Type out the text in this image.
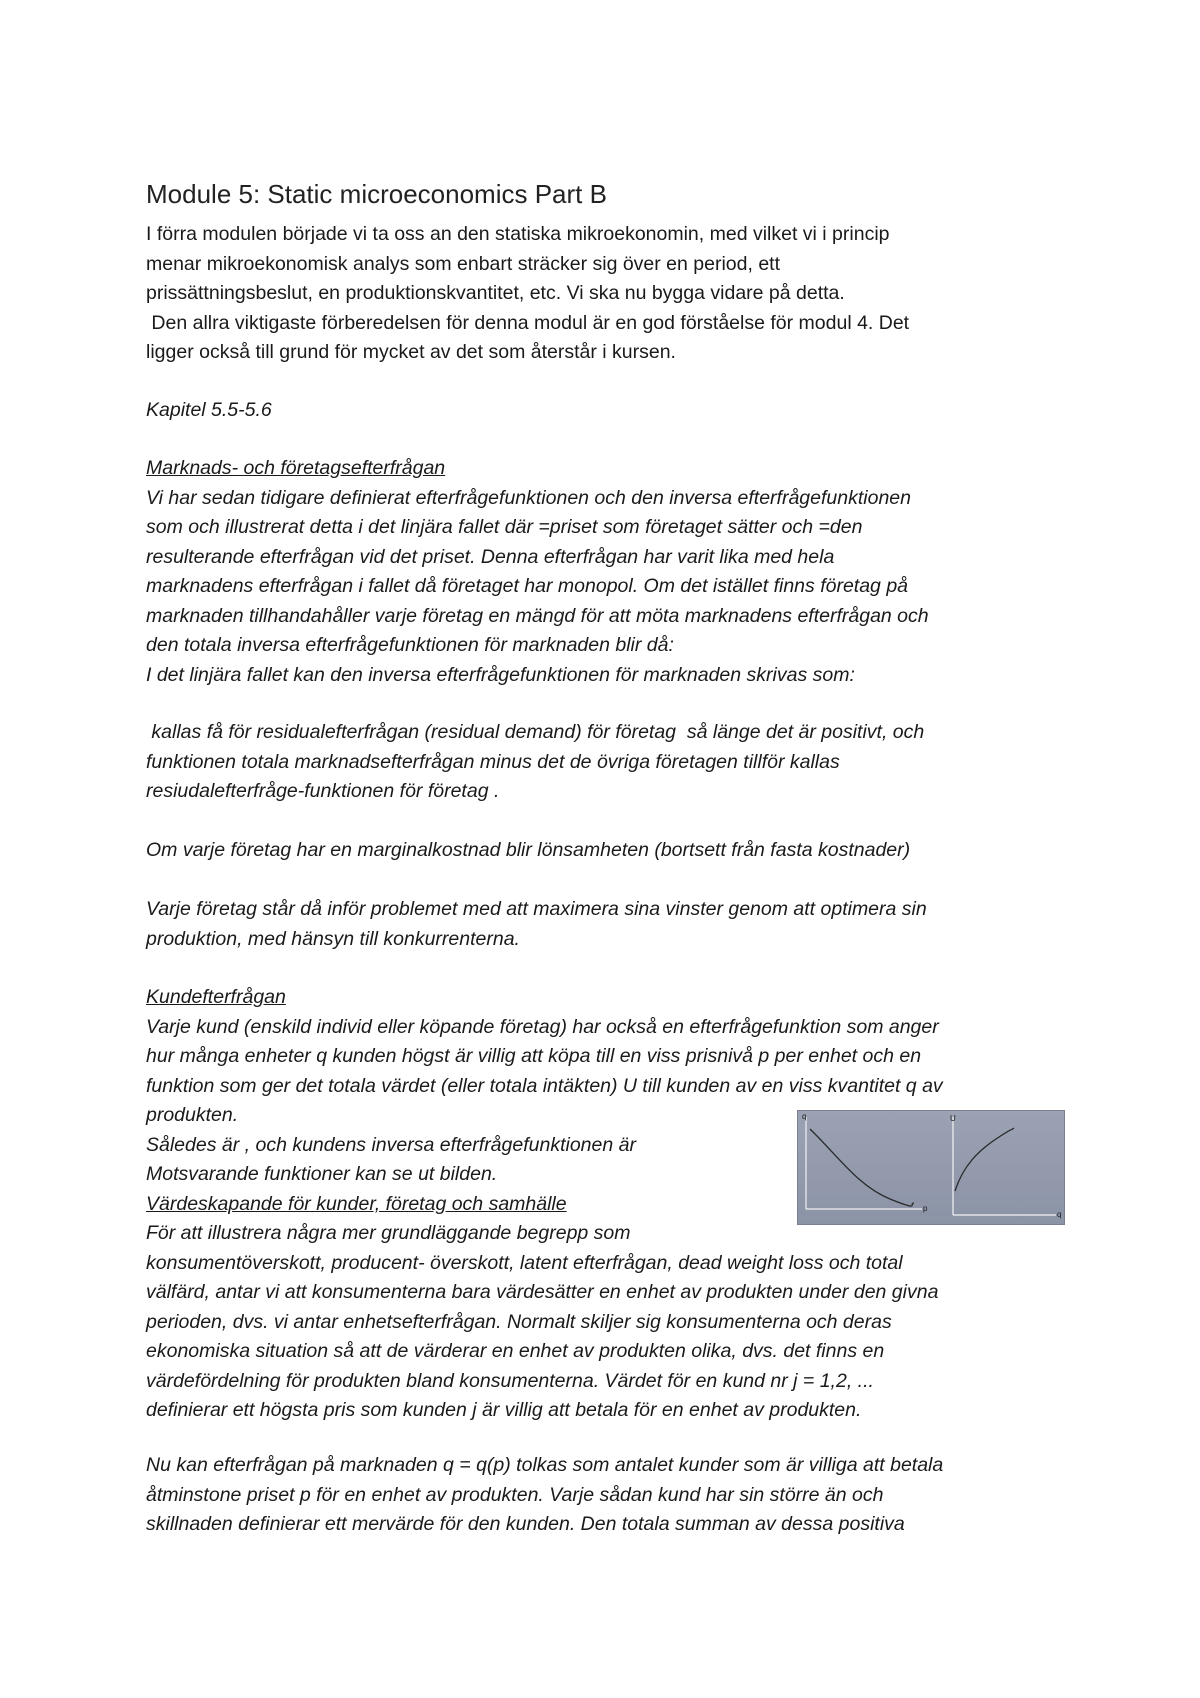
Module 5: Static microeconomics Part B

I förra modulen började vi ta oss an den statiska mikroekonomin, med vilket vi i princip
menar mikroekonomisk analys som enbart sträcker sig över en period, ett
prissättningsbeslut, en produktionskvantitet, etc. Vi ska nu bygga vidare på detta.
Den allra viktigaste förberedelsen för denna modul är en god förståelse för modul 4. Det
ligger också till grund för mycket av det som återstår i kursen.

Kapitel 5.5-5.6

Marknads- och företagsefterfrågan
Vi har sedan tidigare definierat efterfrågefunktionen och den inversa efterfrågefunktionen
som och illustrerat detta i det linjära fallet där =priset som företaget sätter och =den
resulterande efterfrågan vid det priset. Denna efterfrågan har varit lika med hela
marknadens efterfrågan i fallet då företaget har monopol. Om det istället finns företag på
marknaden tillhandahåller varje företag en mängd för att möta marknadens efterfrågan och
den totala inversa efterfrågefunktionen för marknaden blir då:
I det linjära fallet kan den inversa efterfrågefunktionen för marknaden skrivas som:

kallas få för residualefterfrågan (residual demand) för företag  så länge det är positivt, och
funktionen totala marknadsefterfrågan minus det de övriga företagen tillför kallas
resiudalefterfråge-funktionen för företag .

Om varje företag har en marginalkostnad blir lönsamheten (bortsett från fasta kostnader)

Varje företag står då inför problemet med att maximera sina vinster genom att optimera sin
produktion, med hänsyn till konkurrenterna.

Kundefterfrågan
Varje kund (enskild individ eller köpande företag) har också en efterfrågefunktion som anger
hur många enheter q kunden högst är villig att köpa till en viss prisnivå p per enhet och en
funktion som ger det totala värdet (eller totala intäkten) U till kunden av en viss kvantitet q av
produkten.
Således är , och kundens inversa efterfrågefunktionen är
Motsvarande funktioner kan se ut bilden.
Värdeskapande för kunder, företag och samhälle
För att illustrera några mer grundläggande begrepp som
konsumentöverskott, producent- överskott, latent efterfrågan, dead weight loss och total
välfärd, antar vi att konsumenterna bara värdesätter en enhet av produkten under den givna
perioden, dvs. vi antar enhetsefterfrågan. Normalt skiljer sig konsumenterna och deras
ekonomiska situation så att de värderar en enhet av produkten olika, dvs. det finns en
värdefördelning för produkten bland konsumenterna. Värdet för en kund nr j = 1,2, ...
definierar ett högsta pris som kunden j är villig att betala för en enhet av produkten.

Nu kan efterfrågan på marknaden q = q(p) tolkas som antalet kunder som är villiga att betala
åtminstone priset p för en enhet av produkten. Varje sådan kund har sin större än och
skillnaden definierar ett mervärde för den kunden. Den totala summan av dessa positiva

q
p
U
q
